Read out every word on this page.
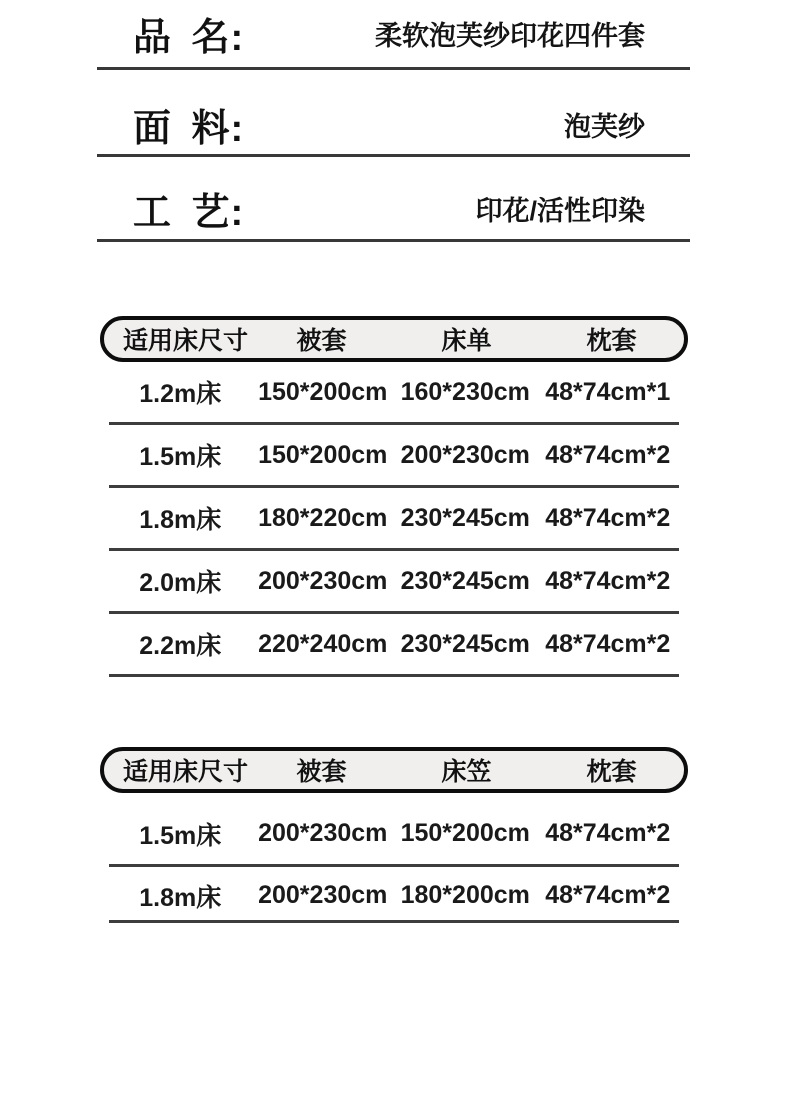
品 名:	柔软泡芙纱印花四件套
面 料:	泡芙纱
工 艺:	印花/活性印染
适用床尺寸	被套	床单	枕套
1.2m床	150*200cm 160*230cm 48*74cm*1
1.5m床	150*200cm 200*230cm 48*74cm*2
1.8m床	180*220cm 230*245cm 48*74cm*2
2.0m床	200*230cm 230*245cm 48*74cm*2
2.2m床	220*240cm 230*245cm 48*74cm*2
适用床尺寸	被套	床笠	枕套
1.5m床	200*230cm 150*200cm 48*74cm*2
1.8m床	200*230cm 180*200cm 48*74cm*2
